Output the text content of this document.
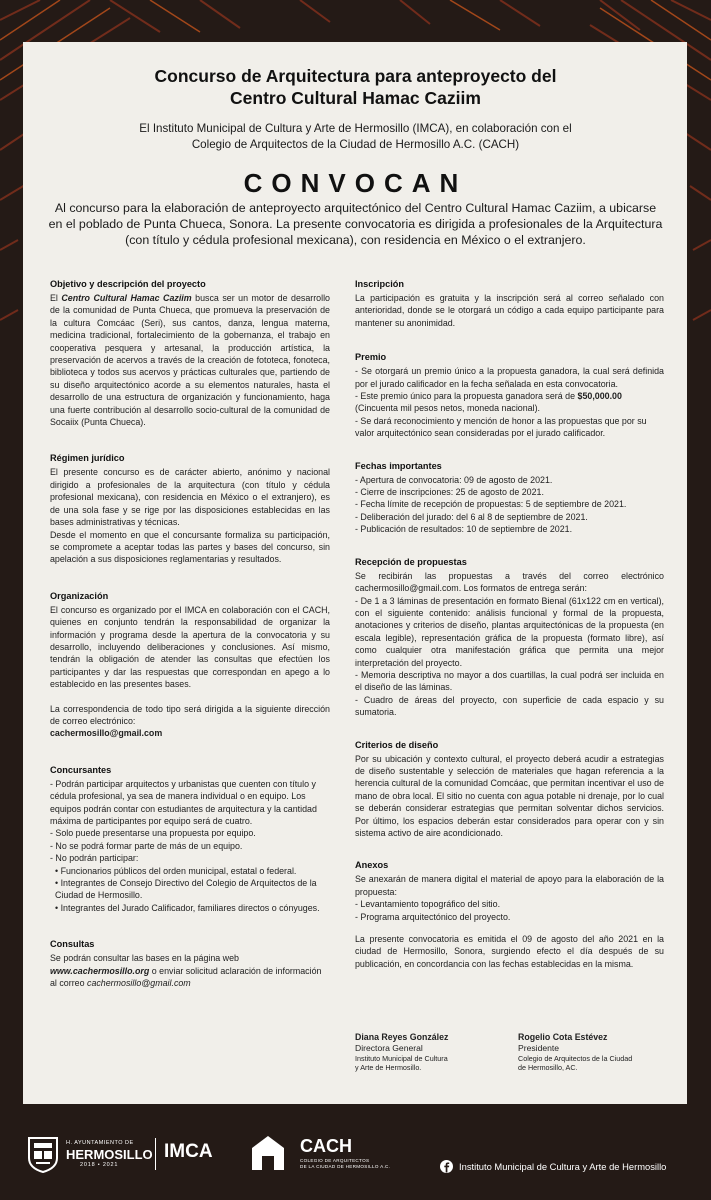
Concurso de Arquitectura para anteproyecto del
Centro Cultural Hamac Caziim
El Instituto Municipal de Cultura y Arte de Hermosillo (IMCA), en colaboración con el
Colegio de Arquitectos de la Ciudad de Hermosillo A.C. (CACH)
CONVOCAN
Al concurso para la elaboración de anteproyecto arquitectónico del Centro Cultural Hamac Caziim, a ubicarse
en el poblado de Punta Chueca, Sonora. La presente convocatoria es dirigida a profesionales de la Arquitectura
(con título y cédula profesional mexicana), con residencia en México o el extranjero.
Objetivo y descripción del proyecto

El Centro Cultural Hamac Caziim busca ser un motor de desarrollo de la comunidad de Punta Chueca, que promueva la preservación de la cultura Comcáac (Seri), sus cantos, danza, lengua materna, medicina tradicional, fortalecimiento de la gobernanza, el trabajo en cooperativa pesquera y artesanal, la producción artística, la preservación de acervos a través de la creación de fototeca, fonoteca, biblioteca y todos sus acervos y prácticas culturales que, partiendo de su diseño arquitectónico acorde a su elementos naturales, hasta el desarrollo de una estructura de organización y funcionamiento, haga una fuerte contribución al desarrollo socio-cultural de la comunidad de Socaiix (Punta Chueca).

Régimen jurídico

El presente concurso es de carácter abierto, anónimo y nacional dirigido a profesionales de la arquitectura (con título y cédula profesional mexicana), con residencia en México o el extranjero), es de una sola fase y se rige por las disposiciones establecidas en las bases administrativas y técnicas.

Desde el momento en que el concursante formaliza su participación, se compromete a aceptar todas las partes y bases del concurso, sin apelación a sus disposiciones reglamentarias y resultados.

Organización

El concurso es organizado por el IMCA en colaboración con el CACH, quienes en conjunto tendrán la responsabilidad de organizar la información y programa desde la apertura de la convocatoria y su desarrollo, incluyendo deliberaciones y conclusiones. Así mismo, tendrán la obligación de atender las consultas que efectúen los participantes y dar las respuestas que correspondan en apego a lo establecido en las presentes bases.

La correspondencia de todo tipo será dirigida a la siguiente dirección de correo electrónico:

cachermosillo@gmail.com

Concursantes

- Podrán participar arquitectos y urbanistas que cuenten con título y cédula profesional, ya sea de manera individual o en equipo. Los equipos podrán contar con estudiantes de arquitectura y la cantidad máxima de participantes por equipo será de cuatro.

- Solo puede presentarse una propuesta por equipo.

- No se podrá formar parte de más de un equipo.

- No podrán participar:

• Funcionarios públicos del orden municipal, estatal o federal.

• Integrantes de Consejo Directivo del Colegio de Arquitectos de la Ciudad de Hermosillo.

• Integrantes del Jurado Calificador, familiares directos o cónyuges.

Consultas

Se podrán consultar las bases en la página web
www.cachermosillo.org o enviar solicitud aclaración de información al correo cachermosillo@gmail.com

Inscripción

La participación es gratuita y la inscripción será al correo señalado con anterioridad, donde se le otorgará un código a cada equipo participante para mantener su anonimidad.

Premio

- Se otorgará un premio único a la propuesta ganadora, la cual será definida por el jurado calificador en la fecha señalada en esta convocatoria.

- Este premio único para la propuesta ganadora será de $50,000.00 (Cincuenta mil pesos netos, moneda nacional).

- Se dará reconocimiento y mención de honor a las propuestas que por su valor arquitectónico sean consideradas por el jurado calificador.

Fechas importantes

- Apertura de convocatoria: 09 de agosto de 2021.

- Cierre de inscripciones: 25 de agosto de 2021.

- Fecha límite de recepción de propuestas: 5 de septiembre de 2021.

- Deliberación del jurado: del 6 al 8 de septiembre de 2021.

- Publicación de resultados: 10 de septiembre de 2021.

Recepción de propuestas

Se recibirán las propuestas a través del correo electrónico cachermosillo@gmail.com. Los formatos de entrega serán:

- De 1 a 3 láminas de presentación en formato Bienal (61x122 cm en vertical), con el siguiente contenido: análisis funcional y formal de la propuesta, anotaciones y criterios de diseño, plantas arquitectónicas de la propuesta (en escala legible), representación gráfica de la propuesta (formato libre), así como cualquier otra manifestación gráfica que permita una mejor interpretación del proyecto.

- Memoria descriptiva no mayor a dos cuartillas, la cual podrá ser incluida en el diseño de las láminas.

- Cuadro de áreas del proyecto, con superficie de cada espacio y su sumatoria.

Criterios de diseño

Por su ubicación y contexto cultural, el proyecto deberá acudir a estrategias de diseño sustentable y selección de materiales que hagan referencia a la herencia cultural de la comunidad Comcáac, que permitan incentivar el uso de mano de obra local. El sitio no cuenta con agua potable ni drenaje, por lo cual se deberán considerar estrategias que permitan solventar dichos servicios. Por último, los espacios deberán estar considerados para operar con y sin sistema activo de aire acondicionado.

Anexos

Se anexarán de manera digital el material de apoyo para la elaboración de la propuesta:

- Levantamiento topográfico del sitio.

- Programa arquitectónico del proyecto.

La presente convocatoria es emitida el 09 de agosto del año 2021 en la ciudad de Hermosillo, Sonora, surgiendo efecto el día después de su publicación, en concordancia con las fechas establecidas en la misma.

Diana Reyes González
Directora General
Instituto Municipal de Cultura
y Arte de Hermosillo.
Rogelio Cota Estévez
Presidente
Colegio de Arquitectos de la Ciudad
de Hermosillo, AC.
H. AYUNTAMIENTO DE
HERMOSILLO
2018 • 2021
IMCA	CACH
COLEGIO DE ARQUITECTOS
DE LA CIUDAD DE HERMOSILLO A.C.	Instituto Municipal de Cultura y Arte de Hermosillo
